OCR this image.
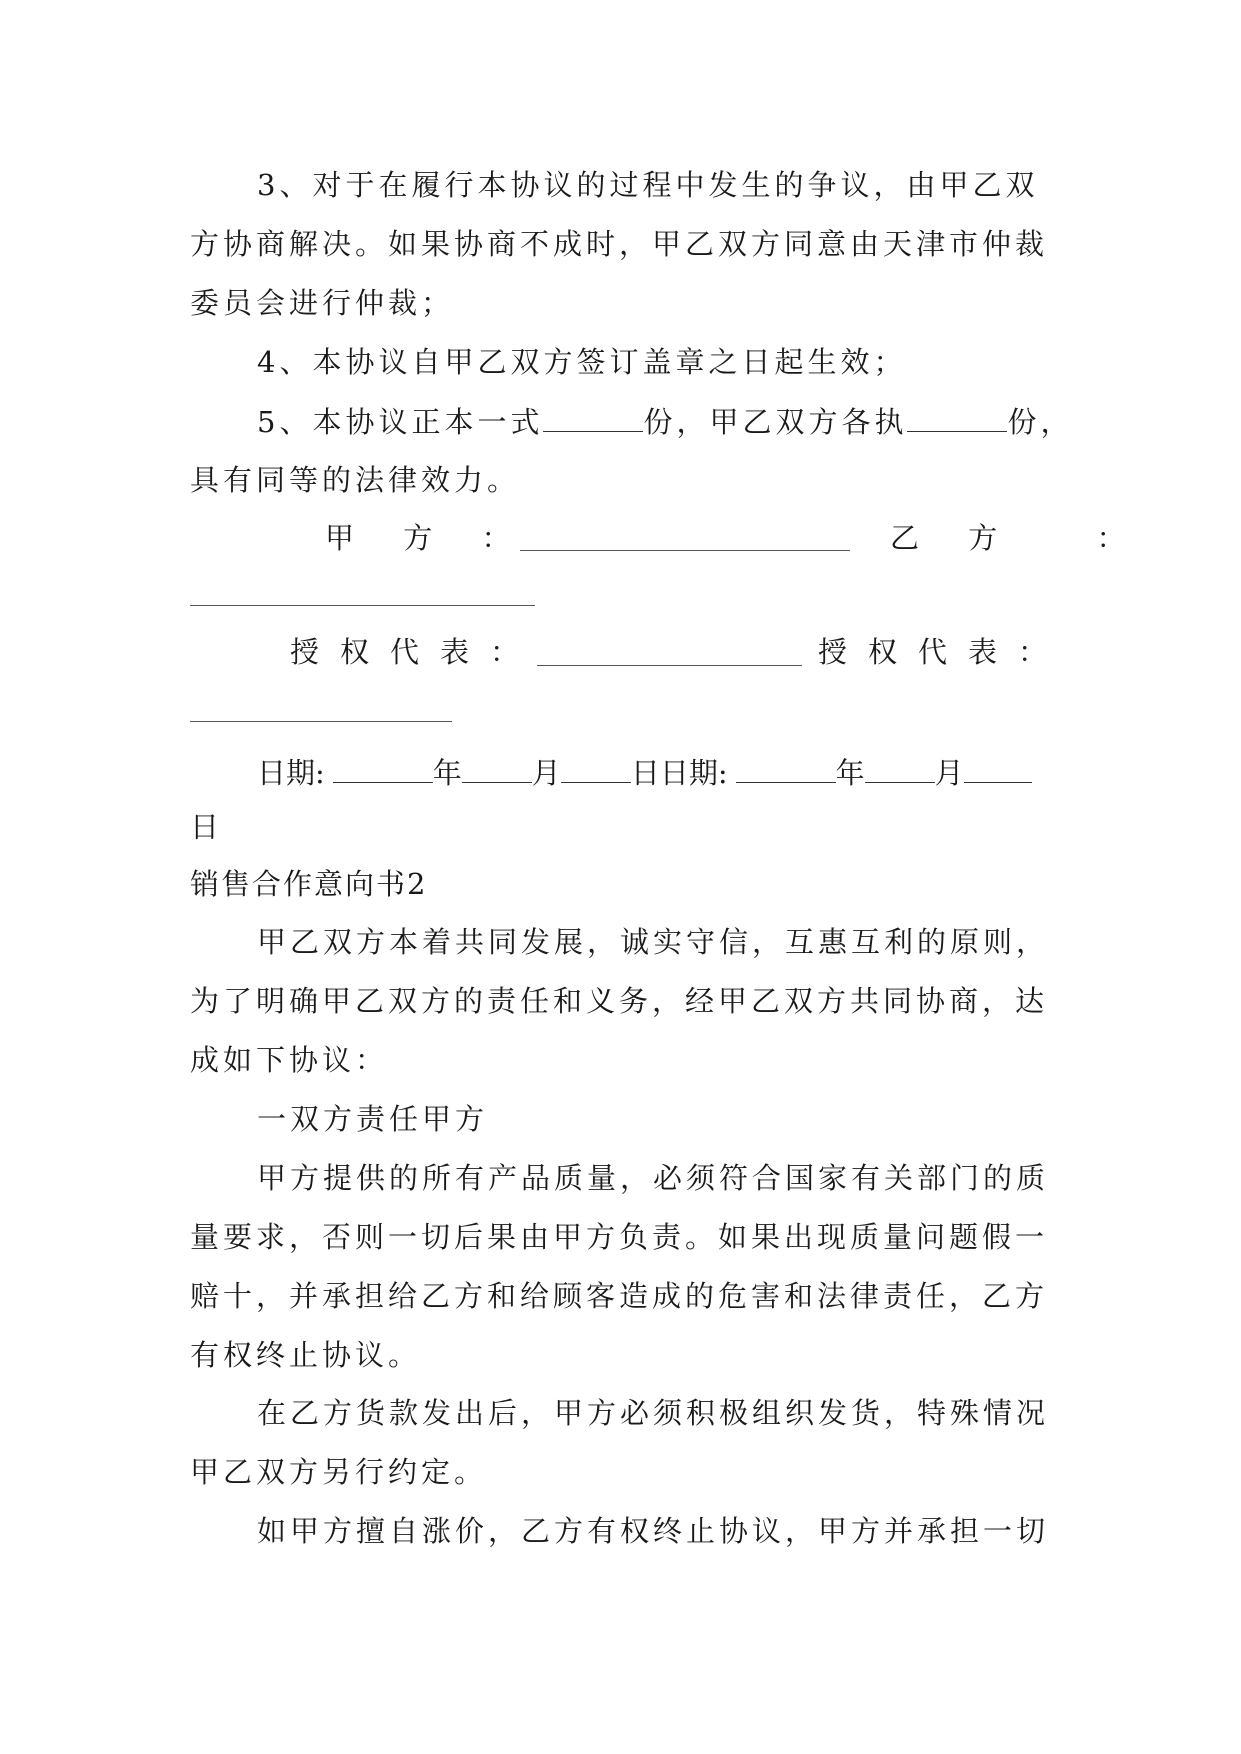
3、对于在履行本协议的过程中发生的争议，由甲乙双
方协商解决。如果协商不成时，甲乙双方同意由天津市仲裁
委员会进行仲裁；
4、本协议自甲乙双方签订盖章之日起生效；
5、本协议正本一式	份，甲乙双方各执	份，
具有同等的法律效力。
甲 方 ：	乙 方	：
授权代表：	授权代表：
日期:	年 月 日日期:	年 月
日
销售合作意向书2
甲乙双方本着共同发展，诚实守信，互惠互利的原则，
为了明确甲乙双方的责任和义务，经甲乙双方共同协商，达
成如下协议：
一双方责任甲方
甲方提供的所有产品质量，必须符合国家有关部门的质
量要求，否则一切后果由甲方负责。如果出现质量问题假一
赔十，并承担给乙方和给顾客造成的危害和法律责任，乙方
有权终止协议。
在乙方货款发出后，甲方必须积极组织发货，特殊情况
甲乙双方另行约定。
如甲方擅自涨价，乙方有权终止协议，甲方并承担一切
